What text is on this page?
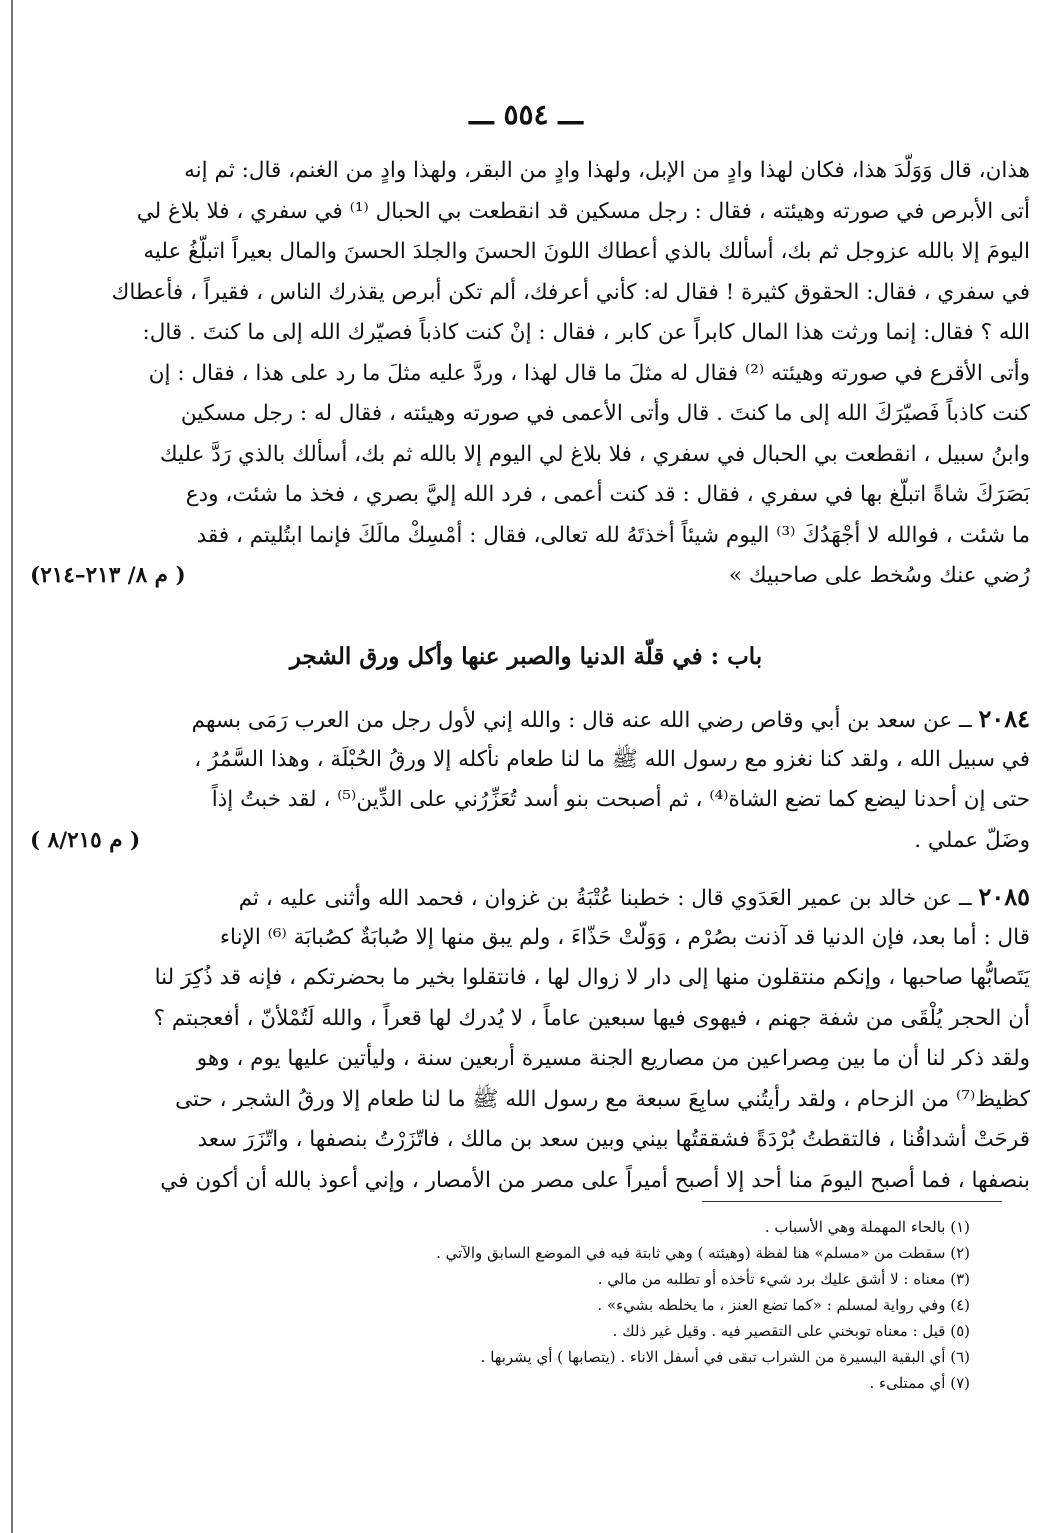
ـــ ٥٥٤ ـــ
هذان، قال وَوَلّدَ هذا، فكان لهذا وادٍ من الإبل، ولهذا وادٍ من البقر، ولهذا وادٍ من الغنم، قال: ثم إنه
أتى الأبرص في صورته وهيئته ، فقال : رجل مسكين قد انقطعت بي الحبال ⁽¹⁾ في سفري ، فلا بلاغ لي
اليومَ إلا بالله عزوجل ثم بك، أسألك بالذي أعطاك اللونَ الحسنَ والجلدَ الحسنَ والمال بعيراً اتبلّغُ عليه
في سفري ، فقال: الحقوق كثيرة ! فقال له: كأني أعرفك، ألم تكن أبرص يقذرك الناس ، فقيراً ، فأعطاك
الله ؟ فقال: إنما ورثت هذا المال كابراً عن كابر ، فقال : إنْ كنت كاذباً فصيّرك الله إلى ما كنتَ . قال:
وأتى الأقرع في صورته وهيئته ⁽²⁾ فقال له مثلَ ما قال لهذا ، وردَّ عليه مثلَ ما رد على هذا ، فقال : إن
كنت كاذباً فَصيّرَكَ الله إلى ما كنتَ . قال وأتى الأعمى في صورته وهيئته ، فقال له : رجل مسكين
وابنُ سبيل ، انقطعت بي الحبال في سفري ، فلا بلاغ لي اليوم إلا بالله ثم بك، أسألك بالذي رَدَّ عليك
بَصَرَكَ شاةً اتبلّغ بها في سفري ، فقال : قد كنت أعمى ، فرد الله إليَّ بصري ، فخذ ما شئت، ودع
ما شئت ، فوالله لا أجْهَدُكَ ⁽³⁾ اليوم شيئاً أخذتَهُ لله تعالى، فقال : أمْسِكْ مالَكَ فإنما ابتُليتم ، فقد
رُضي عنك وسُخط على صاحبيك »
( م ٨/ ٢١٣–٢١٤)
باب : في قلّة الدنيا والصبر عنها وأكل ورق الشجر
٢٠٨٤ ــ عن سعد بن أبي وقاص رضي الله عنه قال : والله إني لأول رجل من العرب رَمَى بسهم
في سبيل الله ، ولقد كنا نغزو مع رسول الله ﷺ ما لنا طعام نأكله إلا ورقُ الحُبْلَة ، وهذا السَّمُرُ ،
حتى إن أحدنا ليضع كما تضع الشاة⁽⁴⁾ ، ثم أصبحت بنو أسد تُعَزِّرُني على الدِّين⁽⁵⁾ ، لقد خبتُ إذاً
وضَلّ عملي .
( م ٨/٢١٥ )
٢٠٨٥ ــ عن خالد بن عمير العَدَوي قال : خطبنا عُتْبَةُ بن غزوان ، فحمد الله وأثنى عليه ، ثم
قال : أما بعد، فإن الدنيا قد آذنت بصُرْم ، وَوَلّتْ حَذّاءَ ، ولم يبق منها إلا صُبابَةٌ كصُبابَة ⁽⁶⁾ الإناء
يَتَصابُّها صاحبها ، وإنكم منتقلون منها إلى دار لا زوال لها ، فانتقلوا بخير ما بحضرتكم ، فإنه قد ذُكِرَ لنا
أن الحجر يُلْقَى من شفة جهنم ، فيهوى فيها سبعين عاماً ، لا يُدرك لها قعراً ، والله لَتُمْلأنّ ، أفعجبتم ؟
ولقد ذكر لنا أن ما بين مِصراعين من مصاريع الجنة مسيرة أربعين سنة ، وليأتين عليها يوم ، وهو
كظيظ⁽⁷⁾ من الزحام ، ولقد رأيتُني سابِعَ سبعة مع رسول الله ﷺ ما لنا طعام إلا ورقُ الشجر ، حتى
قرحَتْ أشداقُنا ، فالتقطتُ بُرْدَةً فشققتُها بيني وبين سعد بن مالك ، فاتّزَرْتُ بنصفها ، واتّزَرَ سعد
بنصفها ، فما أصبح اليومَ منا أحد إلا أصبح أميراً على مصر من الأمصار ، وإني أعوذ بالله أن أكون في
(١) بالحاء المهملة وهي الأسباب .
(٢) سقطت من «مسلم» هنا لفظة (وهيئته ) وهي ثابتة فيه في الموضع السابق والآتي .
(٣) معناه : لا أشق عليك برد شيء تأخذه أو تطلبه من مالي .
(٤) وفي رواية لمسلم : «كما تضع العنز ، ما يخلطه بشيء» .
(٥) قيل : معناه توبخني على التقصير فيه . وقيل غير ذلك .
(٦) أي البقية اليسيرة من الشراب تبقى في أسفل الاناء . (يتصابها ) أي يشربها .
(٧) أي ممتلىء .
